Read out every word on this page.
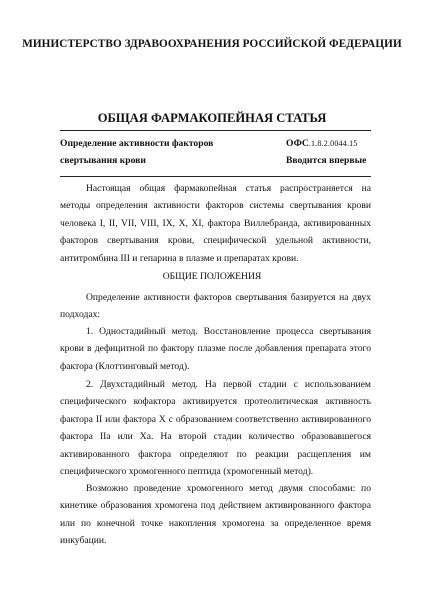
МИНИСТЕРСТВО ЗДРАВООХРАНЕНИЯ РОССИЙСКОЙ ФЕДЕРАЦИИ
ОБЩАЯ ФАРМАКОПЕЙНАЯ СТАТЬЯ
Определение активности факторов
свертывания крови
ОФС.1.8.2.0044.15
Вводится впервые
Настоящая общая фармакопейная статья распространяется на методы определения активности факторов системы свертывания крови человека I, II, VII, VIII, IX, X, XI, фактора Виллебранда, активированных факторов свертывания крови, специфической удельной активности, антитромбина III и гепарина в плазме и препаратах крови.
ОБЩИЕ ПОЛОЖЕНИЯ
Определение активности факторов свертывания базируется на двух подходах:
1. Одностадийный метод. Восстановление процесса свертывания крови в дефицитной по фактору плазме после добавления препарата этого фактора (Клоттинговый метод).
2. Двухстадийный метод. На первой стадии с использованием специфического кофактора активируется протеолитическая активность фактора II или фактора X с образованием соответственно активированного фактора IIa или Xa. На второй стадии количество образовавшегося активированного фактора определяют по реакции расщепления им специфического хромогенного пептида (хромогенный метод).
Возможно проведение хромогенного метод двумя способами: по кинетике образования хромогена под действием активированного фактора или по конечной точке накопления хромогена за определенное время инкубации.
